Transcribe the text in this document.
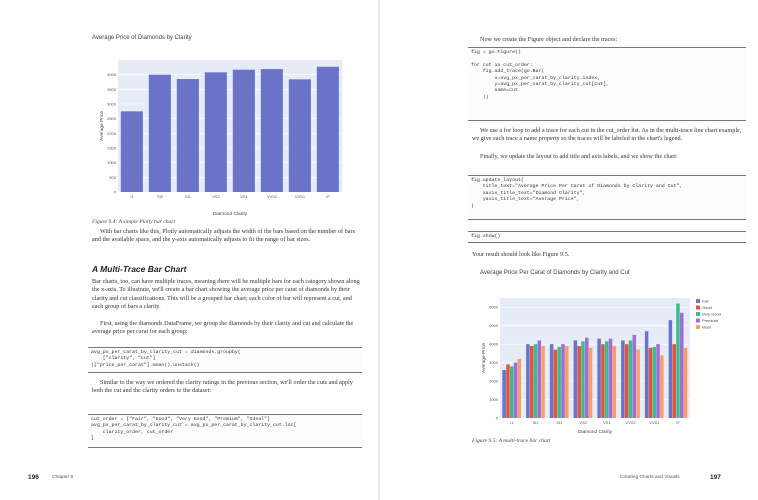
Average Price of Diamonds by Clarity
0
500
1000
1500
2000
2500
3000
3500
4000
I1	SI2	SI1	VS2	VS1	VVS2	VVS1	IF
Diamond Clarity
Average Price
Figure 9.4: A simple Plotly bar chart

With bar charts like this, Plotly automatically adjusts the width of the bars based on the number of bars and the available space, and the y-axis automatically adjusts to fit the range of bar sizes.

A Multi-Trace Bar Chart

Bar charts, too, can have multiple traces, meaning there will be multiple bars for each category shown along the x-axis. To illustrate, we'll create a bar chart showing the average price per carat of diamonds by their clarity and cut classifications. This will be a grouped bar chart; each color of bar will represent a cut, and each group of bars a clarity.

First, using the diamonds DataFrame, we group the diamonds by their clarity and cut and calculate the average price per carat for each group:

avg_px_per_carat_by_clarity_cut = diamonds.groupby(
["clarity", "cut"]
)["price_per_carat"].mean().unstack()

Similar to the way we ordered the clarity ratings in the previous section, we'll order the cuts and apply both the cut and the clarity orders to the dataset:

cut_order = ["Fair", "Good", "Very Good", "Premium", "Ideal"]
avg_px_per_carat_by_clarity_cut = avg_px_per_carat_by_clarity_cut.loc[
clarity_order, cut_order
]
196	Chapter 9

Now we create the Figure object and declare the traces:

fig = go.Figure()

for cut in cut_order:
fig.add_trace(go.Bar(
x=avg_px_per_carat_by_clarity.index,
y=avg_px_per_carat_by_clarity_cut[cut],
name=cut
))

We use a for loop to add a trace for each cut in the cut_order list. As in the multi-trace line chart example, we give each trace a name property so the traces will be labeled in the chart's legend.

Finally, we update the layout to add title and axis labels, and we show the chart:

fig.update_layout(
title_text="Average Price Per Carat of Diamonds by Clarity and Cut",
xaxis_title_text="Diamond Clarity",
yaxis_title_text="Average Price",
)
fig.show()

Your result should look like Figure 9.5.

Average Price Per Carat of Diamonds by Clarity and Cut
0
1000
2000
3000
4000
5000
6000
I1	SI2	SI1	VS2	VS1	VVS2	VVS1	IF
Diamond Clarity
Average Price
Fair
Good
Very Good
Premium
Ideal
Figure 9.5: A multi-trace bar chart
Creating Charts and Visuals	197
